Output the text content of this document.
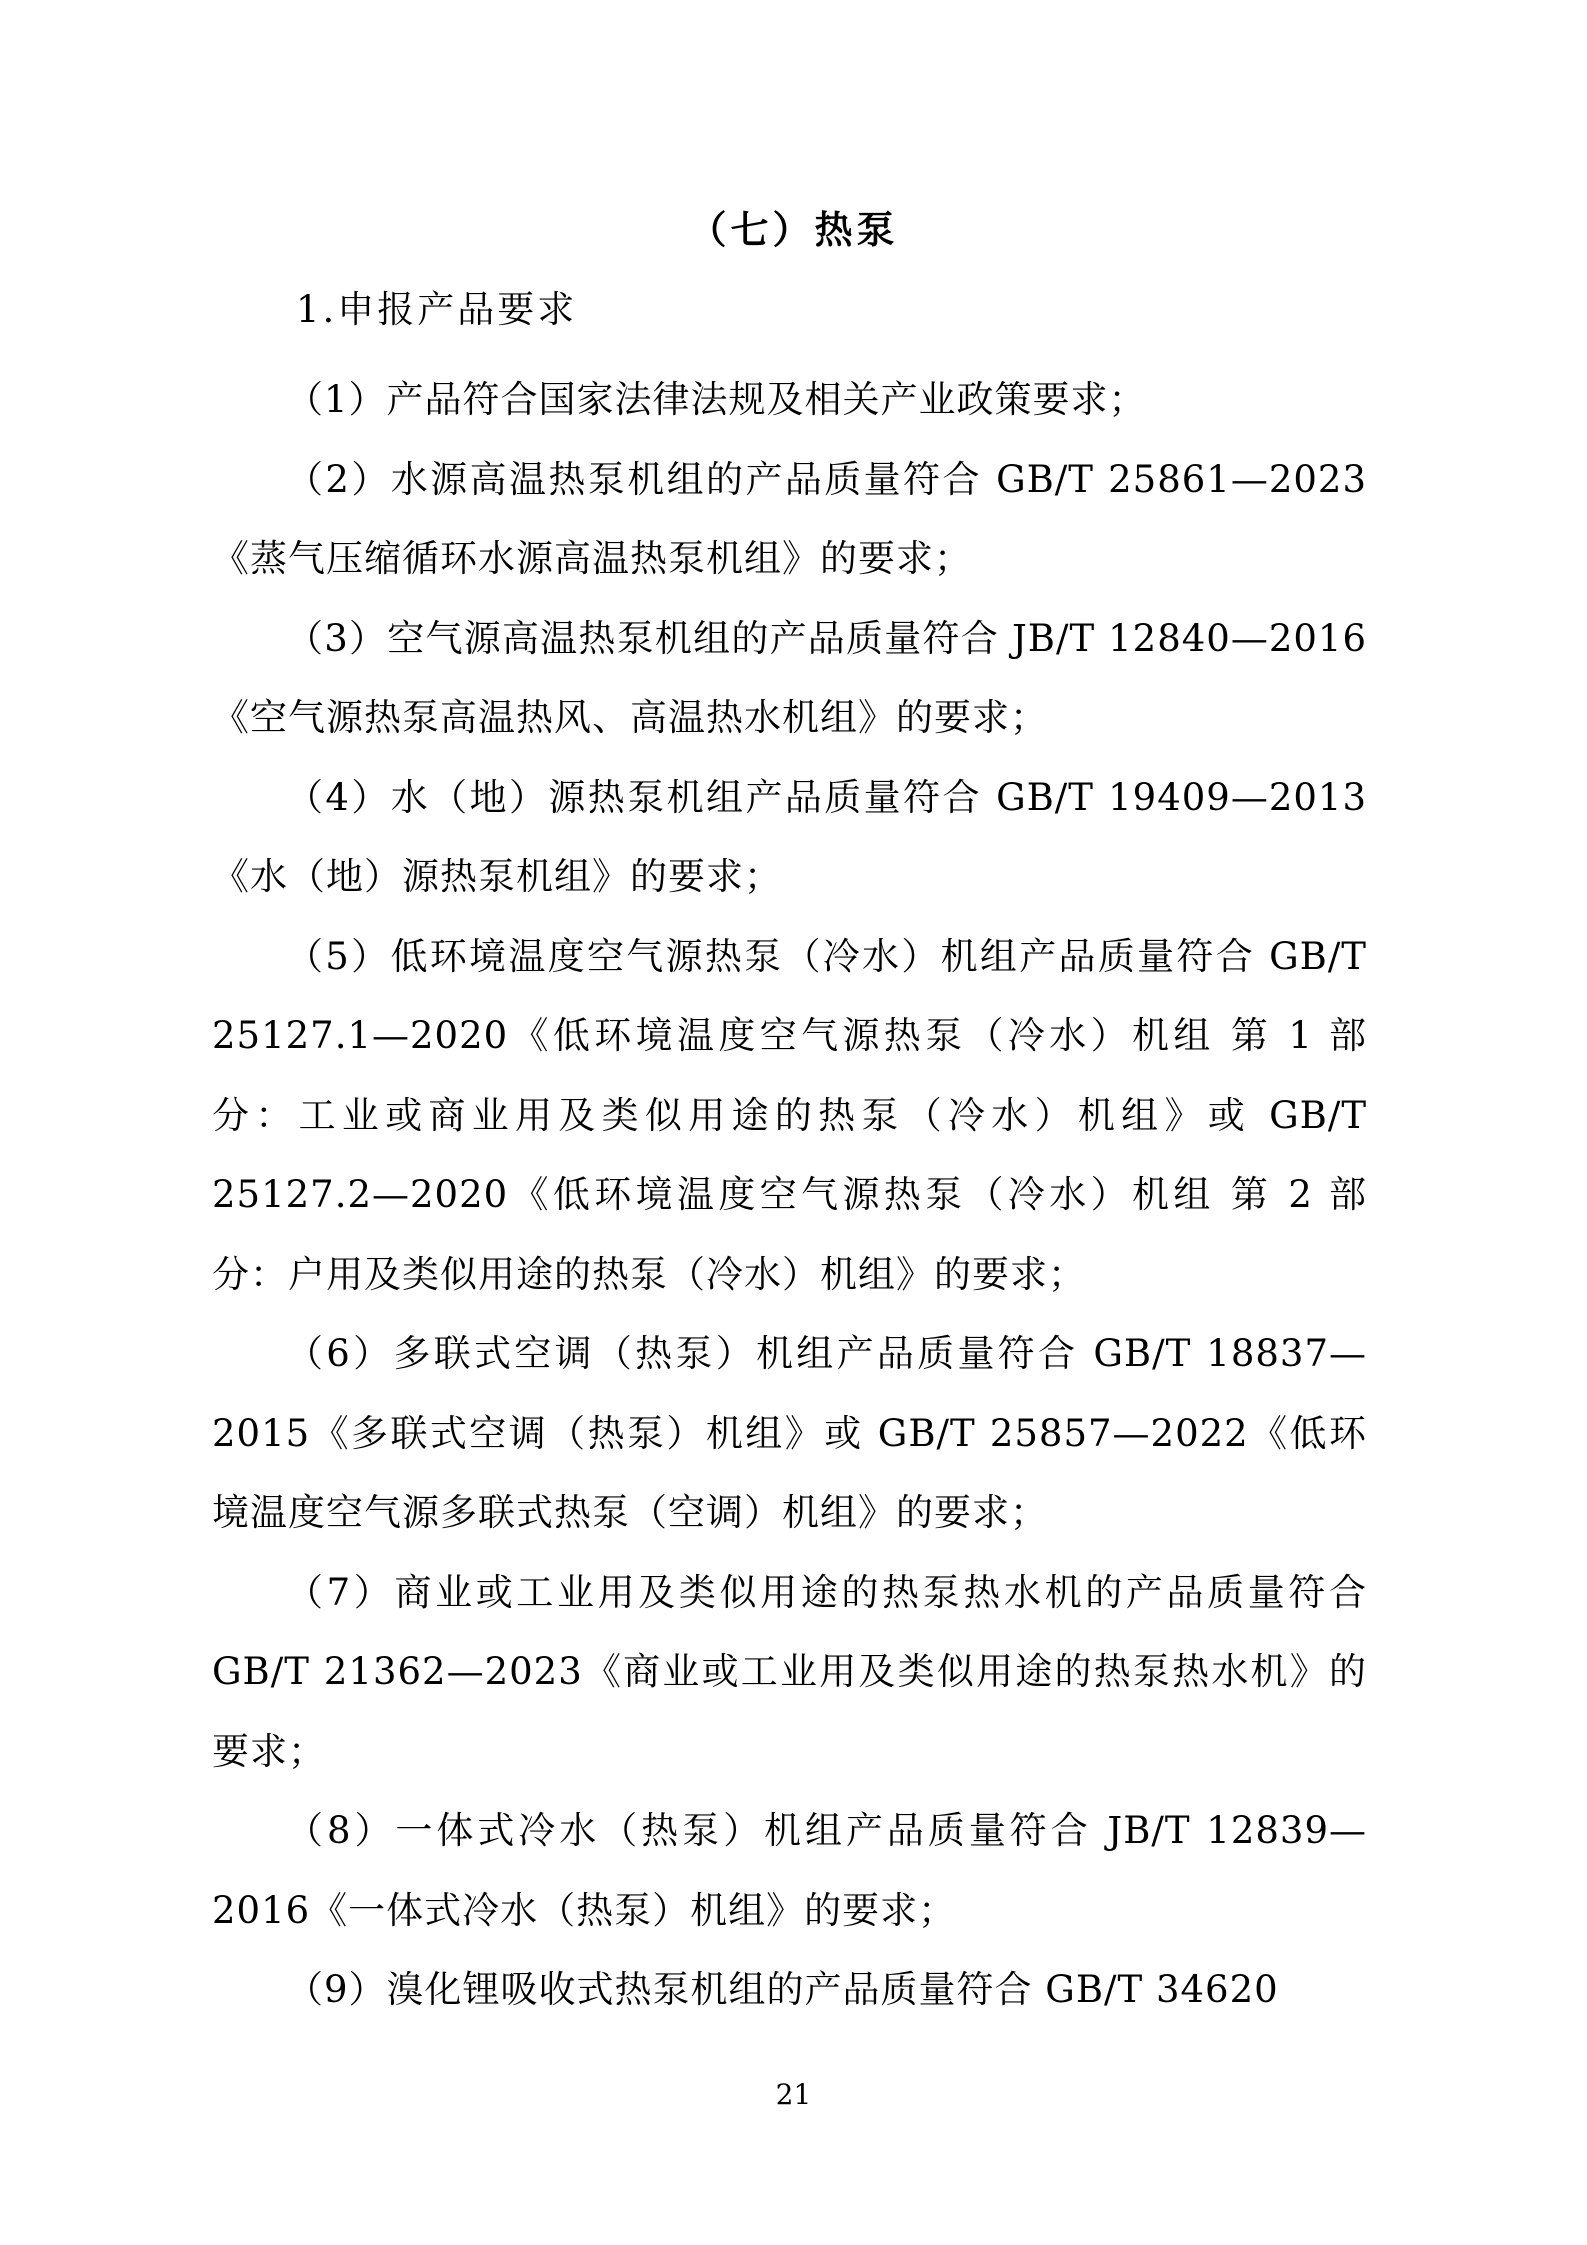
（七）热泵
1.申报产品要求

（1）产品符合国家法律法规及相关产业政策要求；

（2）水源高温热泵机组的产品质量符合 GB/T 25861—2023《蒸气压缩循环水源高温热泵机组》的要求；

（3）空气源高温热泵机组的产品质量符合 JB/T 12840—2016《空气源热泵高温热风、高温热水机组》的要求；

（4）水（地）源热泵机组产品质量符合 GB/T 19409—2013《水（地）源热泵机组》的要求；

（5）低环境温度空气源热泵（冷水）机组产品质量符合 GB/T 25127.1—2020《低环境温度空气源热泵（冷水）机组 第 1 部分：工业或商业用及类似用途的热泵（冷水）机组》或 GB/T 25127.2—2020《低环境温度空气源热泵（冷水）机组 第 2 部分：户用及类似用途的热泵（冷水）机组》的要求；

（6）多联式空调（热泵）机组产品质量符合 GB/T 18837—2015《多联式空调（热泵）机组》或 GB/T 25857—2022《低环境温度空气源多联式热泵（空调）机组》的要求；

（7）商业或工业用及类似用途的热泵热水机的产品质量符合 GB/T 21362—2023《商业或工业用及类似用途的热泵热水机》的要求；

（8）一体式冷水（热泵）机组产品质量符合 JB/T 12839—2016《一体式冷水（热泵）机组》的要求；

（9）溴化锂吸收式热泵机组的产品质量符合 GB/T 34620

21
